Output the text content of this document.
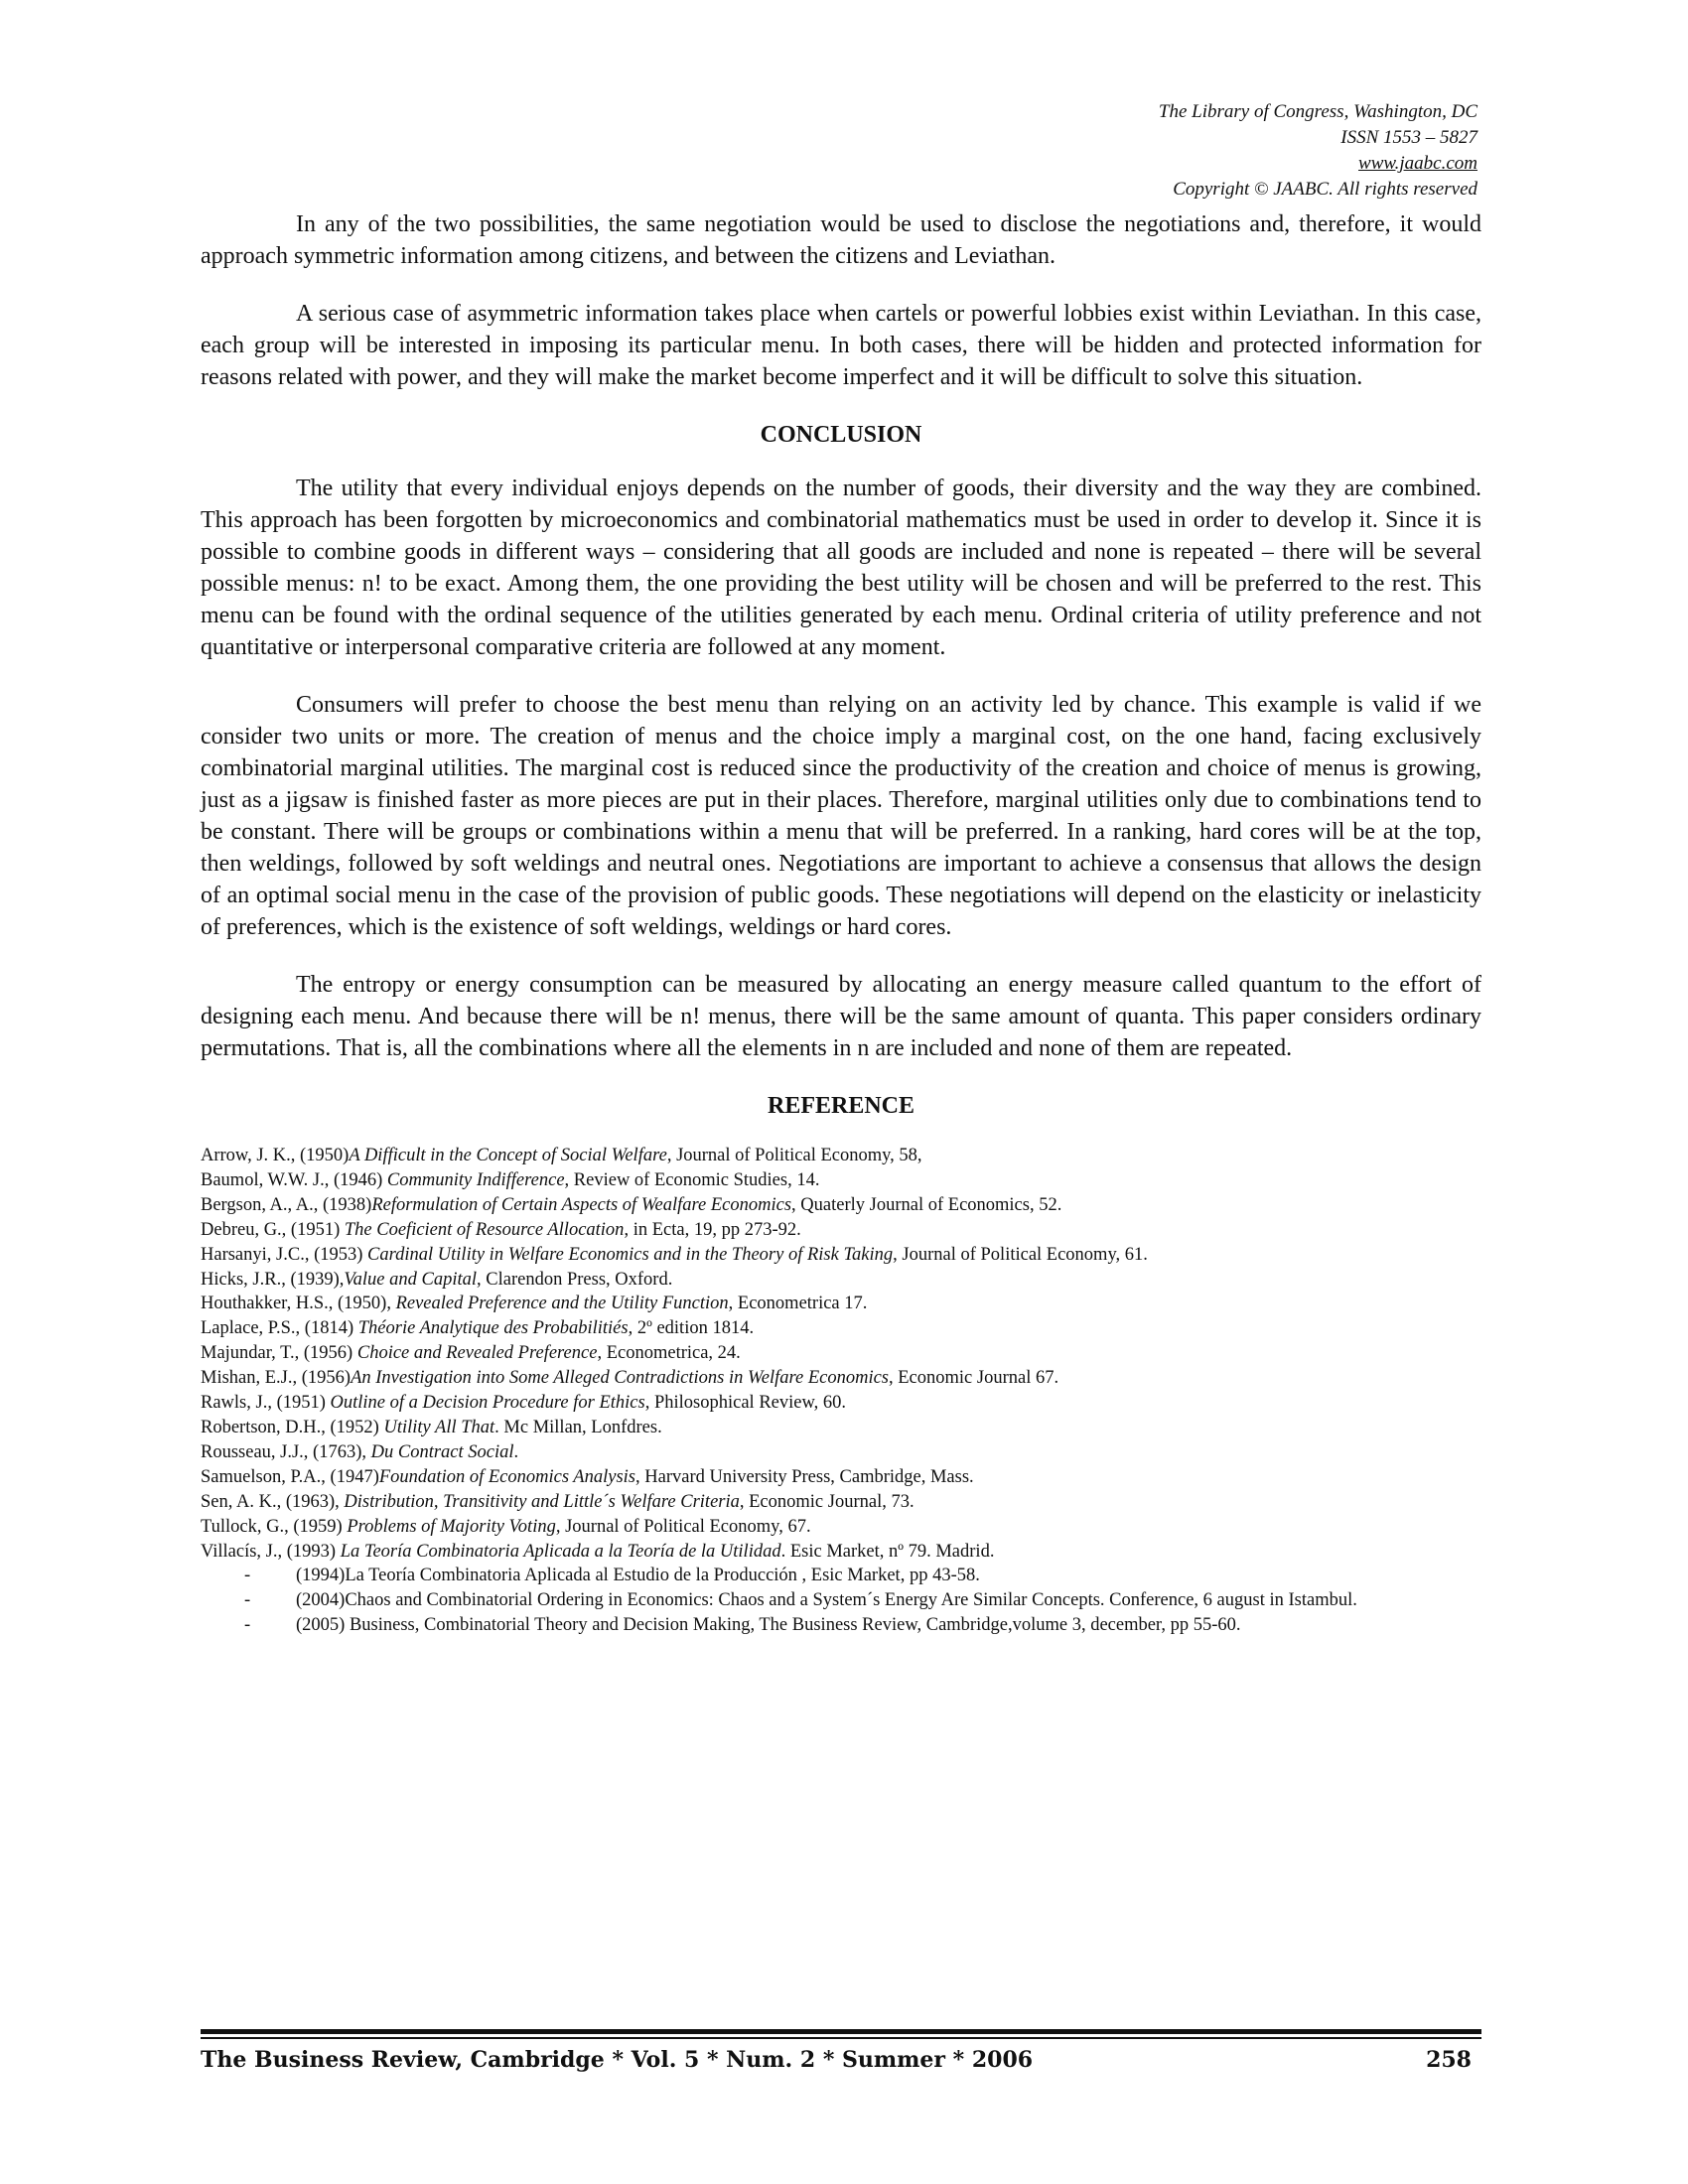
The Library of Congress, Washington, DC
ISSN 1553 – 5827
www.jaabc.com
Copyright © JAABC. All rights reserved

In any of the two possibilities, the same negotiation would be used to disclose the negotiations and, therefore, it would approach symmetric information among citizens, and between the citizens and Leviathan.

A serious case of asymmetric information takes place when cartels or powerful lobbies exist within Leviathan. In this case, each group will be interested in imposing its particular menu. In both cases, there will be hidden and protected information for reasons related with power, and they will make the market become imperfect and it will be difficult to solve this situation.

CONCLUSION

The utility that every individual enjoys depends on the number of goods, their diversity and the way they are combined. This approach has been forgotten by microeconomics and combinatorial mathematics must be used in order to develop it. Since it is possible to combine goods in different ways – considering that all goods are included and none is repeated – there will be several possible menus: n! to be exact. Among them, the one providing the best utility will be chosen and will be preferred to the rest. This menu can be found with the ordinal sequence of the utilities generated by each menu. Ordinal criteria of utility preference and not quantitative or interpersonal comparative criteria are followed at any moment.

Consumers will prefer to choose the best menu than relying on an activity led by chance. This example is valid if we consider two units or more. The creation of menus and the choice imply a marginal cost, on the one hand, facing exclusively combinatorial marginal utilities. The marginal cost is reduced since the productivity of the creation and choice of menus is growing, just as a jigsaw is finished faster as more pieces are put in their places. Therefore, marginal utilities only due to combinations tend to be constant. There will be groups or combinations within a menu that will be preferred. In a ranking, hard cores will be at the top, then weldings, followed by soft weldings and neutral ones. Negotiations are important to achieve a consensus that allows the design of an optimal social menu in the case of the provision of public goods. These negotiations will depend on the elasticity or inelasticity of preferences, which is the existence of soft weldings, weldings or hard cores.

The entropy or energy consumption can be measured by allocating an energy measure called quantum to the effort of designing each menu. And because there will be n! menus, there will be the same amount of quanta. This paper considers ordinary permutations. That is, all the combinations where all the elements in n are included and none of them are repeated.

REFERENCE
Arrow, J. K., (1950)A Difficult in the Concept of Social Welfare, Journal of Political Economy, 58,
Baumol, W.W. J., (1946) Community Indifference, Review of Economic Studies, 14.
Bergson, A., A., (1938)Reformulation of Certain Aspects of Wealfare Economics, Quaterly Journal of Economics, 52.
Debreu, G., (1951) The Coeficient of Resource Allocation, in Ecta, 19, pp 273-92.
Harsanyi, J.C., (1953) Cardinal Utility in Welfare Economics and in the Theory of Risk Taking, Journal of Political Economy, 61.
Hicks, J.R., (1939),Value and Capital, Clarendon Press, Oxford.
Houthakker, H.S., (1950), Revealed Preference and the Utility Function, Econometrica 17.
Laplace, P.S., (1814) Théorie Analytique des Probabilitiés, 2º edition 1814.
Majundar, T., (1956) Choice and Revealed Preference, Econometrica, 24.
Mishan, E.J., (1956)An Investigation into Some Alleged Contradictions in Welfare Economics, Economic Journal 67.
Rawls, J., (1951) Outline of a Decision Procedure for Ethics, Philosophical Review, 60.
Robertson, D.H., (1952) Utility All That. Mc Millan, Lonfdres.
Rousseau, J.J., (1763), Du Contract Social.
Samuelson, P.A., (1947)Foundation of Economics Analysis, Harvard University Press, Cambridge, Mass.
Sen, A. K., (1963), Distribution, Transitivity and Little´s Welfare Criteria, Economic Journal, 73.
Tullock, G., (1959) Problems of Majority Voting, Journal of Political Economy, 67.
Villacís, J., (1993) La Teoría Combinatoria Aplicada a la Teoría de la Utilidad. Esic Market, nº 79. Madrid.
-	(1994)La Teoría Combinatoria Aplicada al Estudio de la Producción , Esic Market, pp 43-58.
-	(2004)Chaos and Combinatorial Ordering in Economics: Chaos and a System´s Energy Are Similar Concepts. Conference, 6 august in Istambul.
-	(2005) Business, Combinatorial Theory and Decision Making, The Business Review, Cambridge,volume 3, december, pp 55-60.
The Business Review, Cambridge * Vol. 5 * Num. 2 * Summer * 2006	258
